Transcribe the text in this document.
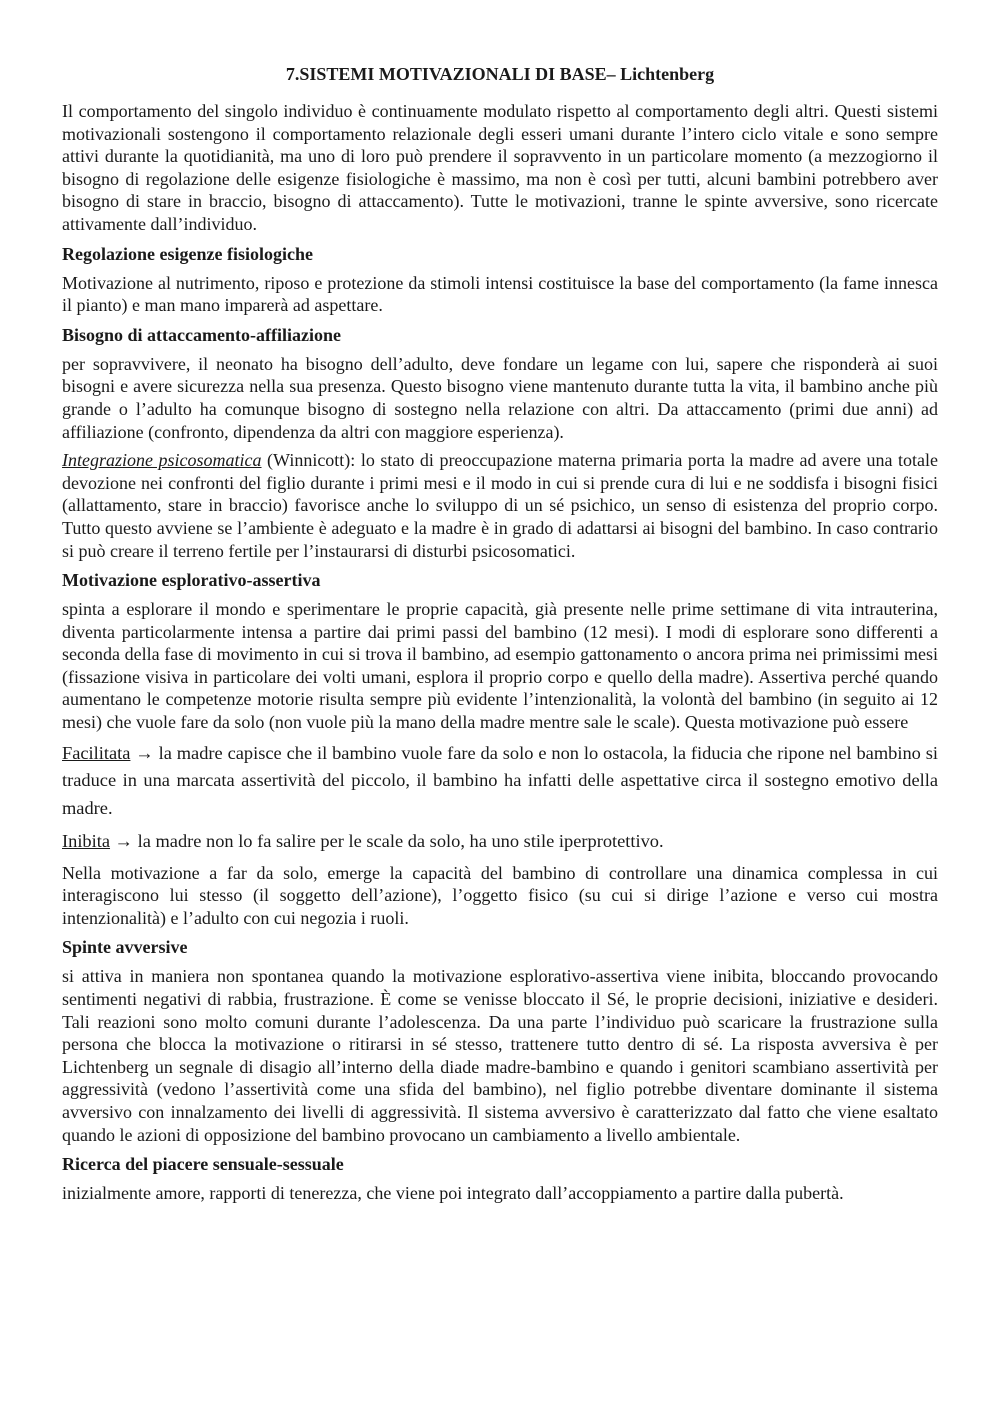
7.SISTEMI MOTIVAZIONALI DI BASE– Lichtenberg

Il comportamento del singolo individuo è continuamente modulato rispetto al comportamento degli altri. Questi sistemi motivazionali sostengono il comportamento relazionale degli esseri umani durante l’intero ciclo vitale e sono sempre attivi durante la quotidianità, ma uno di loro può prendere il sopravvento in un particolare momento (a mezzogiorno il bisogno di regolazione delle esigenze fisiologiche è massimo, ma non è così per tutti, alcuni bambini potrebbero aver bisogno di stare in braccio, bisogno di attaccamento). Tutte le motivazioni, tranne le spinte avversive, sono ricercate attivamente dall’individuo.

Regolazione esigenze fisiologiche

Motivazione al nutrimento, riposo e protezione da stimoli intensi costituisce la base del comportamento (la fame innesca il pianto) e man mano imparerà ad aspettare.

Bisogno di attaccamento-affiliazione

per sopravvivere, il neonato ha bisogno dell’adulto, deve fondare un legame con lui, sapere che risponderà ai suoi bisogni e avere sicurezza nella sua presenza. Questo bisogno viene mantenuto durante tutta la vita, il bambino anche più grande o l’adulto ha comunque bisogno di sostegno nella relazione con altri. Da attaccamento (primi due anni) ad affiliazione (confronto, dipendenza da altri con maggiore esperienza).

Integrazione psicosomatica (Winnicott): lo stato di preoccupazione materna primaria porta la madre ad avere una totale devozione nei confronti del figlio durante i primi mesi e il modo in cui si prende cura di lui e ne soddisfa i bisogni fisici (allattamento, stare in braccio) favorisce anche lo sviluppo di un sé psichico, un senso di esistenza del proprio corpo. Tutto questo avviene se l’ambiente è adeguato e la madre è in grado di adattarsi ai bisogni del bambino. In caso contrario si può creare il terreno fertile per l’instaurarsi di disturbi psicosomatici.

Motivazione esplorativo-assertiva

spinta a esplorare il mondo e sperimentare le proprie capacità, già presente nelle prime settimane di vita intrauterina, diventa particolarmente intensa a partire dai primi passi del bambino (12 mesi). I modi di esplorare sono differenti a seconda della fase di movimento in cui si trova il bambino, ad esempio gattonamento o ancora prima nei primissimi mesi (fissazione visiva in particolare dei volti umani, esplora il proprio corpo e quello della madre). Assertiva perché quando aumentano le competenze motorie risulta sempre più evidente l’intenzionalità, la volontà del bambino (in seguito ai 12 mesi) che vuole fare da solo (non vuole più la mano della madre mentre sale le scale). Questa motivazione può essere

Facilitata → la madre capisce che il bambino vuole fare da solo e non lo ostacola, la fiducia che ripone nel bambino si traduce in una marcata assertività del piccolo, il bambino ha infatti delle aspettative circa il sostegno emotivo della madre.

Inibita → la madre non lo fa salire per le scale da solo, ha uno stile iperprotettivo.

Nella motivazione a far da solo, emerge la capacità del bambino di controllare una dinamica complessa in cui interagiscono lui stesso (il soggetto dell’azione), l’oggetto fisico (su cui si dirige l’azione e verso cui mostra intenzionalità) e l’adulto con cui negozia i ruoli.

Spinte avversive

si attiva in maniera non spontanea quando la motivazione esplorativo-assertiva viene inibita, bloccando provocando sentimenti negativi di rabbia, frustrazione. È come se venisse bloccato il Sé, le proprie decisioni, iniziative e desideri. Tali reazioni sono molto comuni durante l’adolescenza. Da una parte l’individuo può scaricare la frustrazione sulla persona che blocca la motivazione o ritirarsi in sé stesso, trattenere tutto dentro di sé. La risposta avversiva è per Lichtenberg un segnale di disagio all’interno della diade madre-bambino e quando i genitori scambiano assertività per aggressività (vedono l’assertività come una sfida del bambino), nel figlio potrebbe diventare dominante il sistema avversivo con innalzamento dei livelli di aggressività. Il sistema avversivo è caratterizzato dal fatto che viene esaltato quando le azioni di opposizione del bambino provocano un cambiamento a livello ambientale.

Ricerca del piacere sensuale-sessuale

inizialmente amore, rapporti di tenerezza, che viene poi integrato dall’accoppiamento a partire dalla pubertà.
